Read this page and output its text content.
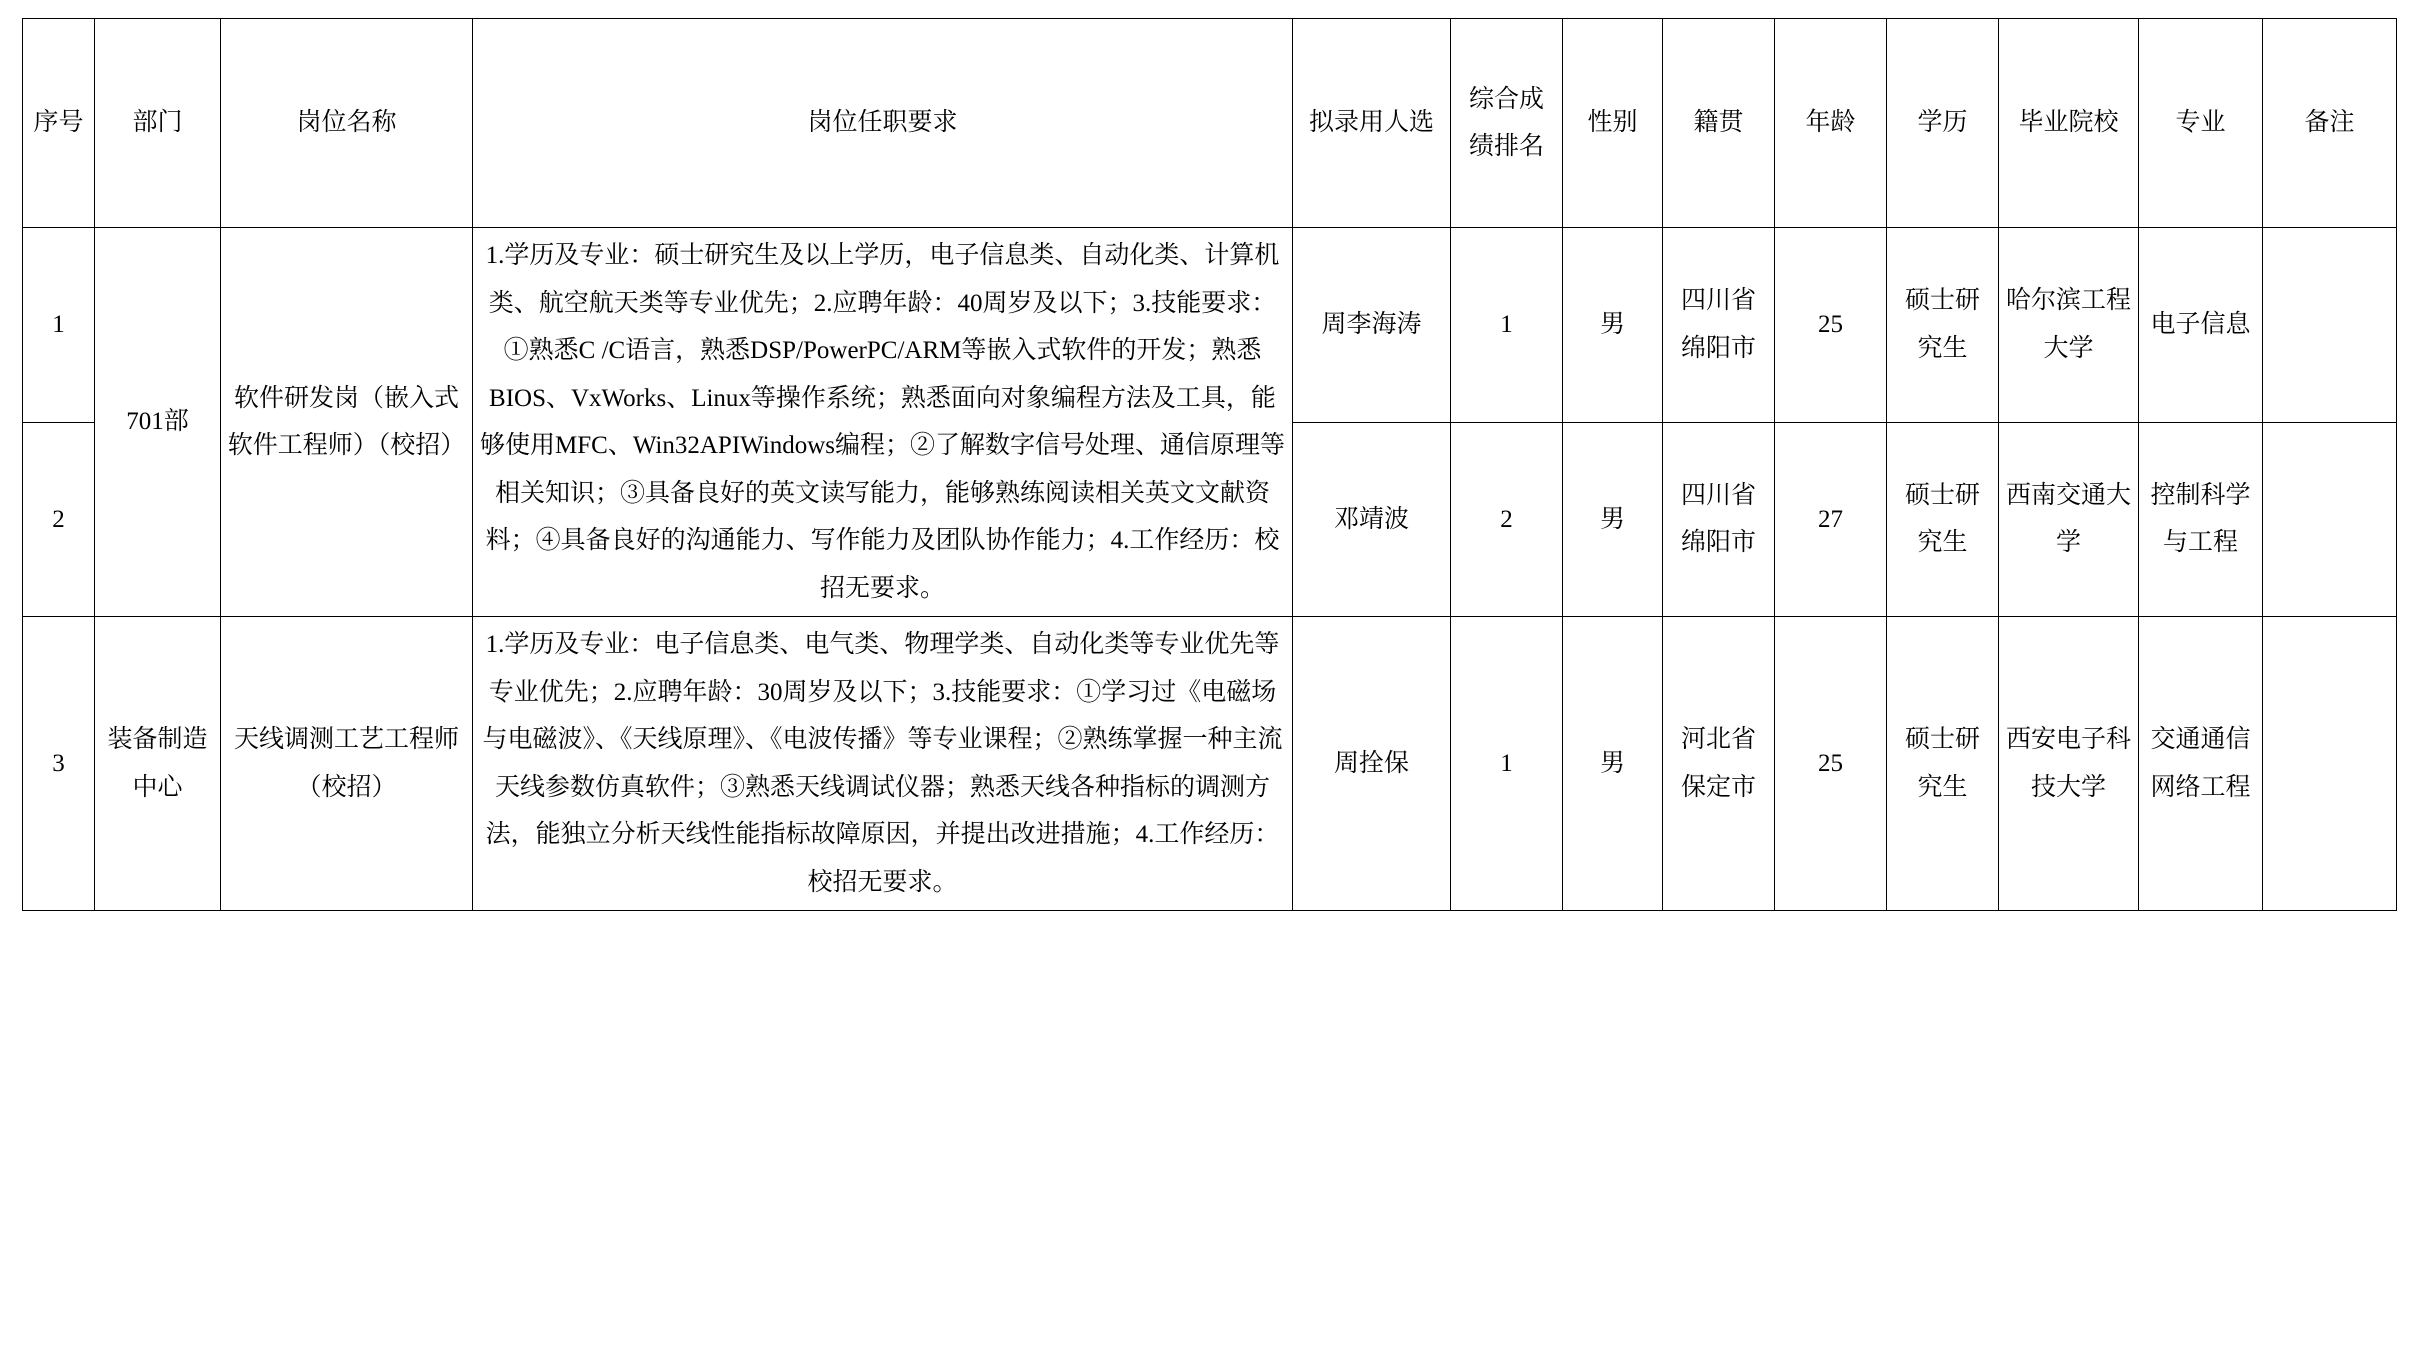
序号	部门	岗位名称	岗位任职要求	拟录用人选	综合成绩排名	性别	籍贯	年龄	学历	毕业院校	专业	备注
1	701部	软件研发岗（嵌入式软件工程师）（校招）	1.学历及专业：硕士研究生及以上学历，电子信息类、自动化类、计算机类、航空航天类等专业优先；2.应聘年龄：40周岁及以下；3.技能要求：①熟悉C /C语言，熟悉DSP/PowerPC/ARM等嵌入式软件的开发；熟悉BIOS、VxWorks、Linux等操作系统；熟悉面向对象编程方法及工具，能够使用MFC、Win32APIWindows编程；②了解数字信号处理、通信原理等相关知识；③具备良好的英文读写能力，能够熟练阅读相关英文文献资料；④具备良好的沟通能力、写作能力及团队协作能力；4.工作经历：校招无要求。	周李海涛	1	男	四川省绵阳市	25	硕士研究生	哈尔滨工程大学	电子信息	
2				邓靖波	2	男	四川省绵阳市	27	硕士研究生	西南交通大学	控制科学与工程	
3	装备制造中心	天线调测工艺工程师（校招）	1.学历及专业：电子信息类、电气类、物理学类、自动化类等专业优先等专业优先；2.应聘年龄：30周岁及以下；3.技能要求：①学习过《电磁场与电磁波》、《天线原理》、《电波传播》等专业课程；②熟练掌握一种主流天线参数仿真软件；③熟悉天线调试仪器；熟悉天线各种指标的调测方法，能独立分析天线性能指标故障原因，并提出改进措施；4.工作经历：校招无要求。	周拴保	1	男	河北省保定市	25	硕士研究生	西安电子科技大学	交通通信网络工程	
